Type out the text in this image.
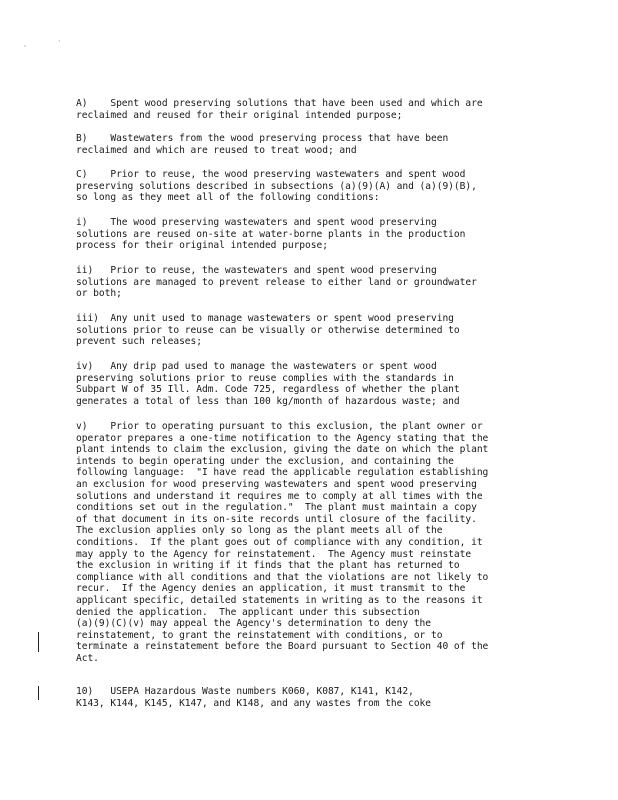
'	`
A)    Spent wood preserving solutions that have been used and which are
reclaimed and reused for their original intended purpose;
B)    Wastewaters from the wood preserving process that have been
reclaimed and which are reused to treat wood; and
C)    Prior to reuse, the wood preserving wastewaters and spent wood
preserving solutions described in subsections (a)(9)(A) and (a)(9)(B),
so long as they meet all of the following conditions:
i)    The wood preserving wastewaters and spent wood preserving
solutions are reused on-site at water-borne plants in the production
process for their original intended purpose;
ii)   Prior to reuse, the wastewaters and spent wood preserving
solutions are managed to prevent release to either land or groundwater
or both;
iii)  Any unit used to manage wastewaters or spent wood preserving
solutions prior to reuse can be visually or otherwise determined to
prevent such releases;
iv)   Any drip pad used to manage the wastewaters or spent wood
preserving solutions prior to reuse complies with the standards in
Subpart W of 35 Ill. Adm. Code 725, regardless of whether the plant
generates a total of less than 100 kg/month of hazardous waste; and
v)    Prior to operating pursuant to this exclusion, the plant owner or
operator prepares a one-time notification to the Agency stating that the
plant intends to claim the exclusion, giving the date on which the plant
intends to begin operating under the exclusion, and containing the
following language:  "I have read the applicable regulation establishing
an exclusion for wood preserving wastewaters and spent wood preserving
solutions and understand it requires me to comply at all times with the
conditions set out in the regulation."  The plant must maintain a copy
of that document in its on-site records until closure of the facility.
The exclusion applies only so long as the plant meets all of the
conditions.  If the plant goes out of compliance with any condition, it
may apply to the Agency for reinstatement.  The Agency must reinstate
the exclusion in writing if it finds that the plant has returned to
compliance with all conditions and that the violations are not likely to
recur.  If the Agency denies an application, it must transmit to the
applicant specific, detailed statements in writing as to the reasons it
denied the application.  The applicant under this subsection
(a)(9)(C)(v) may appeal the Agency's determination to deny the
reinstatement, to grant the reinstatement with conditions, or to
terminate a reinstatement before the Board pursuant to Section 40 of the
Act.
10)   USEPA Hazardous Waste numbers K060, K087, K141, K142,
K143, K144, K145, K147, and K148, and any wastes from the coke
